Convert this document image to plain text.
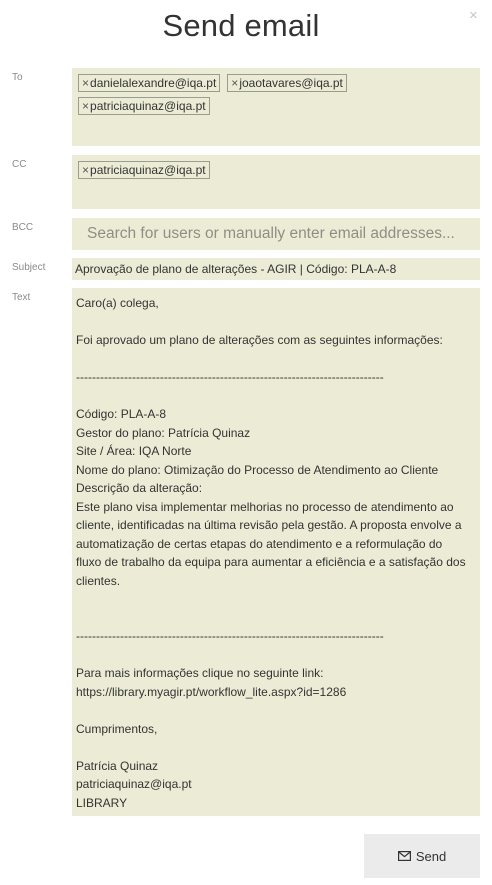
Send email	×
To	× danielalexandre@iqa.pt × joaotavares@iqa.pt
× patriciaquinaz@iqa.pt
CC	× patriciaquinaz@iqa.pt
BCC
Search for users or manually enter email addresses...
Subject Aprovação de plano de alterações - AGIR | Código: PLA-A-8
Text	Caro(a) colega,
Foi aprovado um plano de alterações com as seguintes informações:
-----------------------------------------------------------------------------
Código: PLA-A-8
Gestor do plano: Patrícia Quinaz
Site / Área: IQA Norte
Nome do plano: Otimização do Processo de Atendimento ao Cliente
Descrição da alteração:
Este plano visa implementar melhorias no processo de atendimento ao
cliente, identificadas na última revisão pela gestão. A proposta envolve a
automatização de certas etapas do atendimento e a reformulação do
fluxo de trabalho da equipa para aumentar a eficiência e a satisfação dos
clientes.
-----------------------------------------------------------------------------
Para mais informações clique no seguinte link:
https://library.myagir.pt/workflow_lite.aspx?id=1286
Cumprimentos,
Patrícia Quinaz
patriciaquinaz@iqa.pt
LIBRARY
Send
